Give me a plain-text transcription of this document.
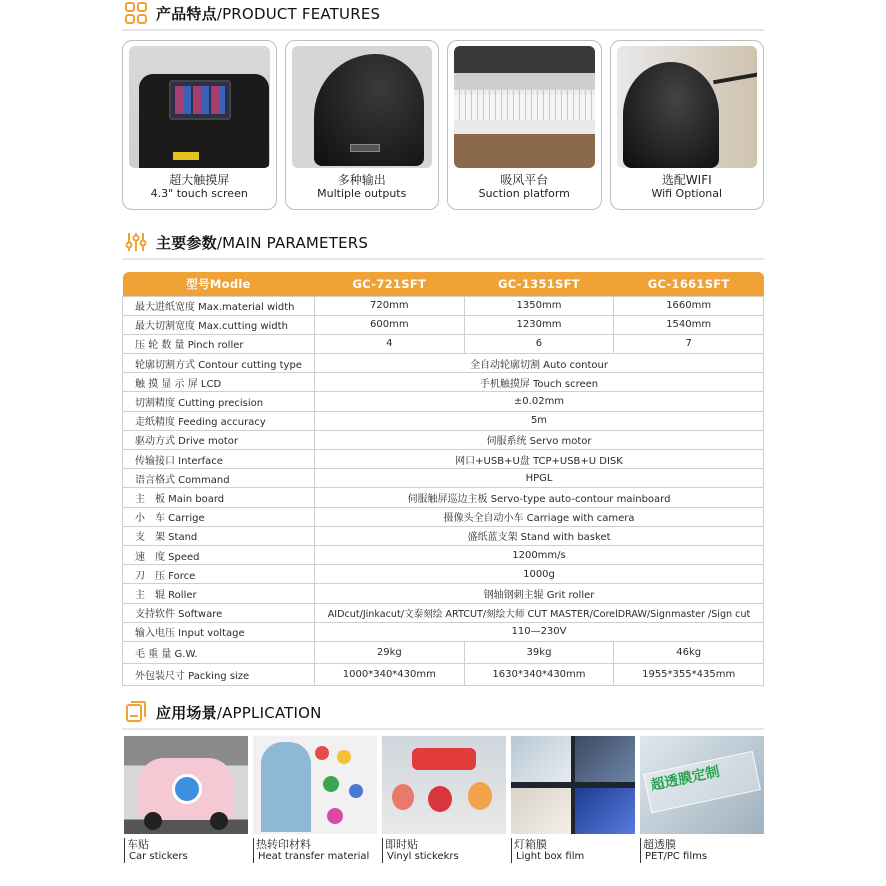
产品特点/PRODUCT FEATURES
超大触摸屏
4.3" touch screen
多种输出
Multiple outputs
吸风平台
Suction platform
选配WIFI
Wifi Optional
主要参数/MAIN PARAMETERS
型号Modle	GC-721SFT	GC-1351SFT	GC-1661SFT
最大进纸宽度 Max.material width	720mm	1350mm	1660mm
最大切割宽度 Max.cutting width	600mm	1230mm	1540mm
压 轮 数 量 Pinch roller	4	6	7
轮廓切割方式 Contour cutting type	全自动轮廓切割 Auto contour		
触 摸 显 示 屏 LCD	手机触摸屏 Touch screen		
切割精度 Cutting precision	±0.02mm		
走纸精度 Feeding accuracy	5m		
驱动方式 Drive motor	伺服系统 Servo motor		
传输接口 Interface	网口+USB+U盘 TCP+USB+U DISK		
语言格式 Command	HPGL		
主　板 Main board	伺服触屏巡边主板 Servo-type auto-contour mainboard		
小　车 Carrige	摄像头全自动小车 Carriage with camera		
支　架 Stand	盛纸蓝支架 Stand with basket		
速　度 Speed	1200mm/s		
刀　压 Force	1000g		
主　辊 Roller	钢轴钢刺主辊 Grit roller		
支持软件 Software	AIDcut/Jinkacut/文泰刻绘 ARTCUT/刻绘大师 CUT MASTER/CorelDRAW/Signmaster /Sign cut		
输入电压 Input voltage	110—230V		
毛 重 量 G.W.	29kg	39kg	46kg
外包装尺寸 Packing size	1000*340*430mm	1630*340*430mm	1955*355*435mm
应用场景/APPLICATION
车贴
Car stickers
热转印材料
Heat transfer material
即时贴
Vinyl stickekrs
灯箱膜
Light box film
超透膜定制
超透膜
PET/PC films
